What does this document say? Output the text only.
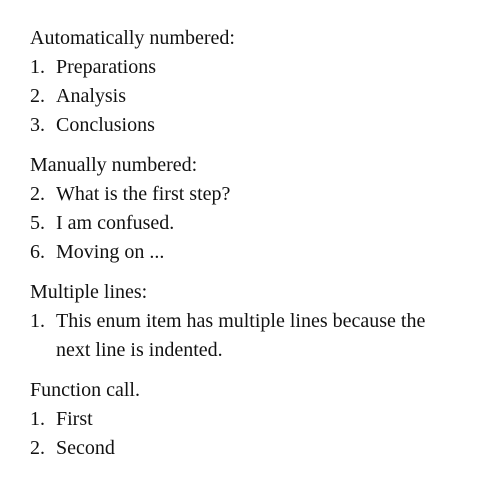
Automatically numbered:
1. Preparations
2. Analysis
3. Conclusions
Manually numbered:
2. What is the first step?
5. I am confused.
6. Moving on ...
Multiple lines:
1. This enum item has multiple lines because the next line is indented.
Function call.
1. First
2. Second
